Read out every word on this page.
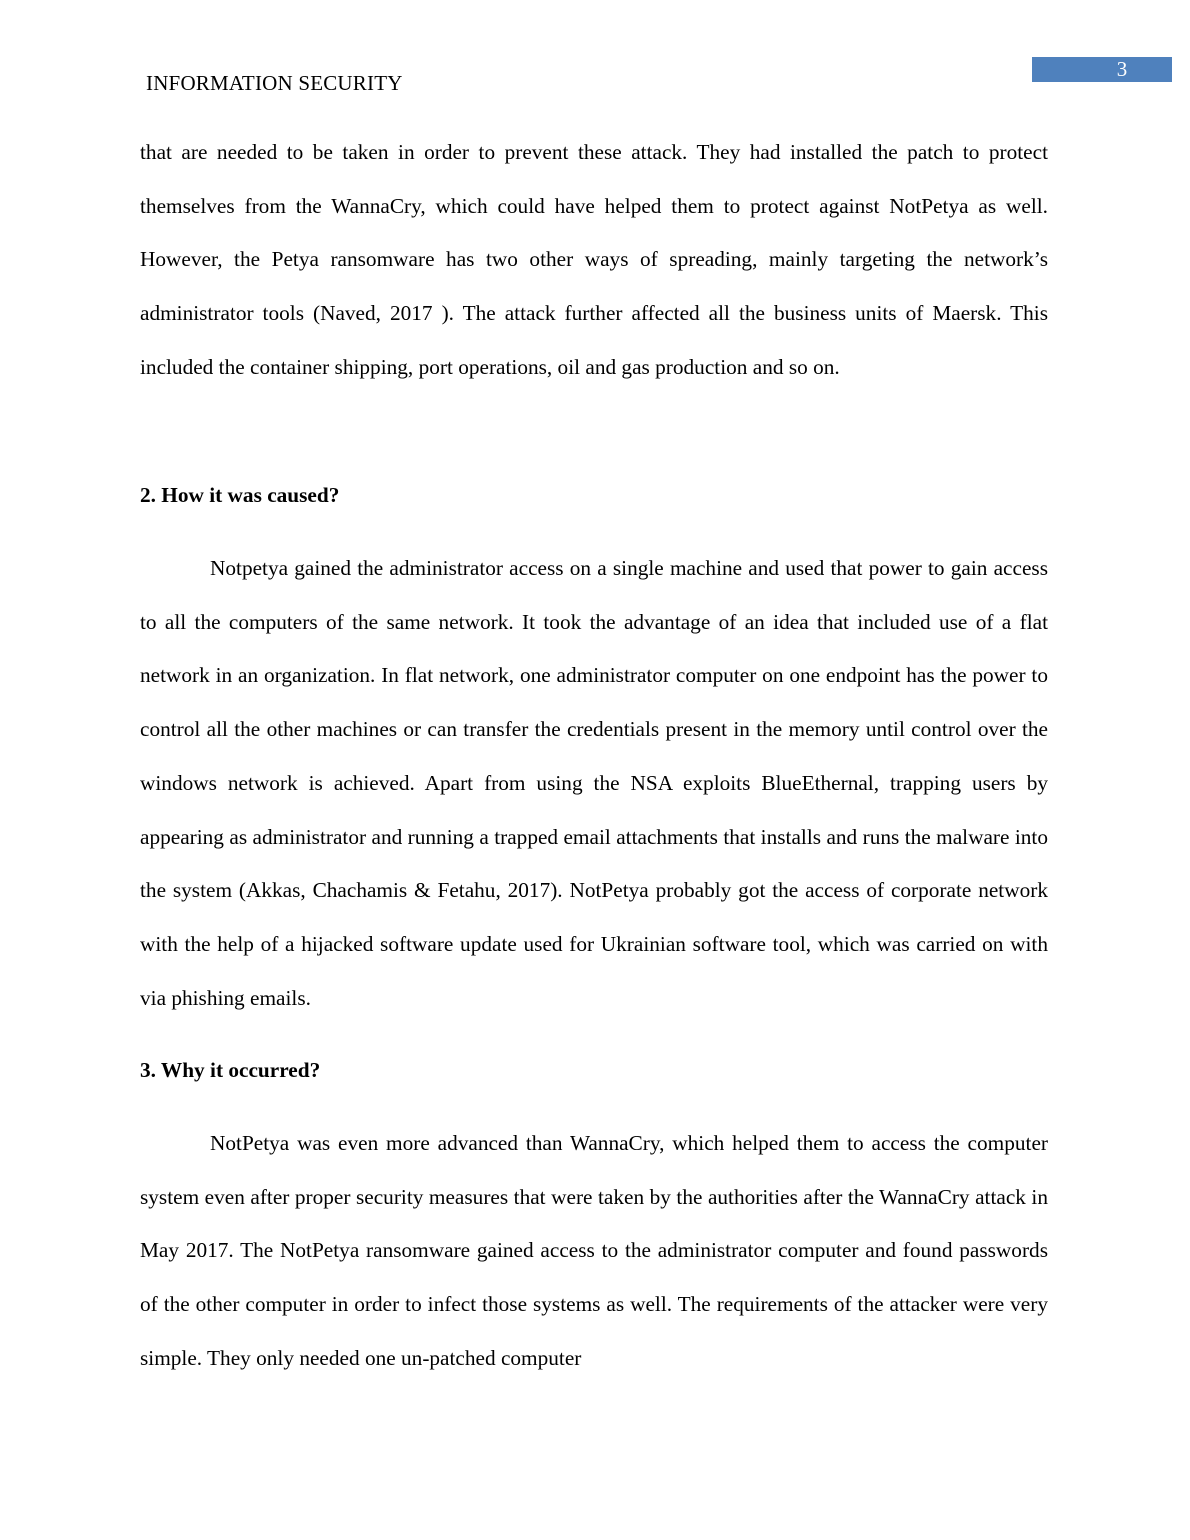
INFORMATION SECURITY
3

that are needed to be taken in order to prevent these attack. They had installed the patch to protect themselves from the WannaCry, which could have helped them to protect against NotPetya as well. However, the Petya ransomware has two other ways of spreading, mainly targeting the network’s administrator tools (Naved, 2017 ). The attack further affected all the business units of Maersk. This included the container shipping, port operations, oil and gas production and so on.

2. How it was caused?

Notpetya gained the administrator access on a single machine and used that power to gain access to all the computers of the same network. It took the advantage of an idea that included use of a flat network in an organization. In flat network, one administrator computer on one endpoint has the power to control all the other machines or can transfer the credentials present in the memory until control over the windows network is achieved. Apart from using the NSA exploits BlueEthernal, trapping users by appearing as administrator and running a trapped email attachments that installs and runs the malware into the system (Akkas, Chachamis & Fetahu, 2017). NotPetya probably got the access of corporate network with the help of a hijacked software update used for Ukrainian software tool, which was carried on with via phishing emails.

3. Why it occurred?

NotPetya was even more advanced than WannaCry, which helped them to access the computer system even after proper security measures that were taken by the authorities after the WannaCry attack in May 2017. The NotPetya ransomware gained access to the administrator computer and found passwords of the other computer in order to infect those systems as well. The requirements of the attacker were very simple. They only needed one un-patched computer
